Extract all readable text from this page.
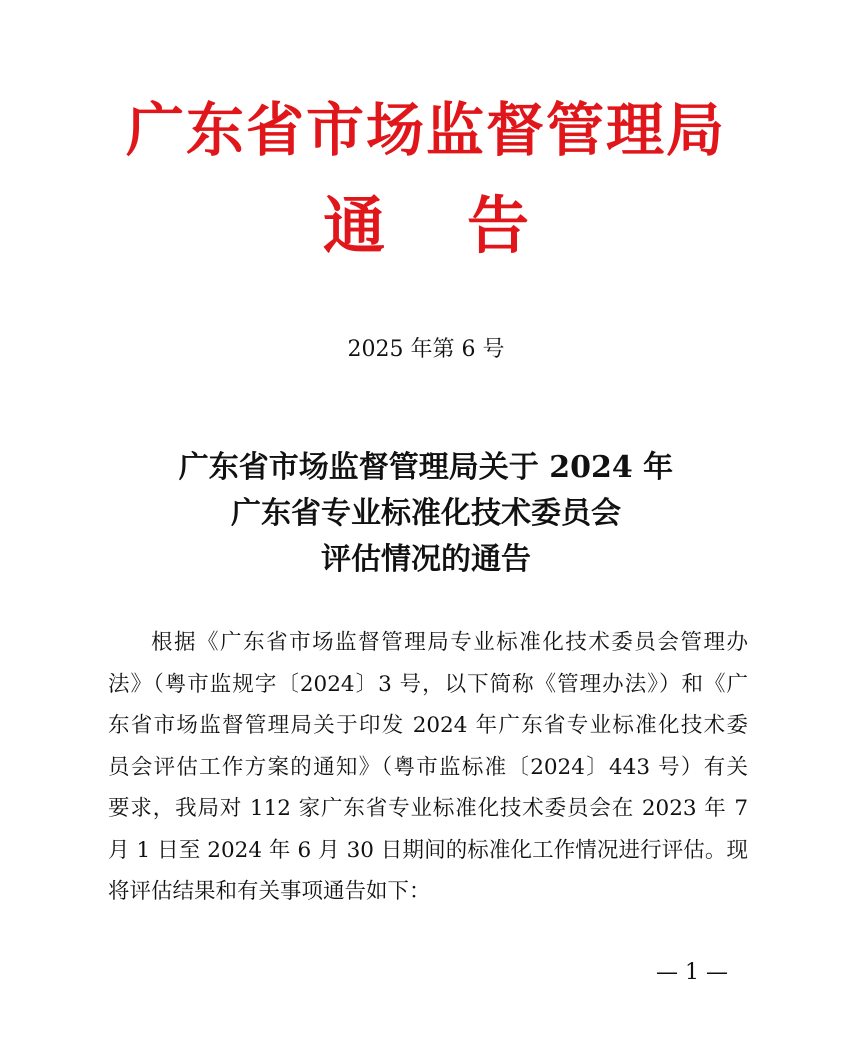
广东省市场监督管理局
通 告
2025 年第 6 号
广东省市场监督管理局关于 2024 年
广东省专业标准化技术委员会
评估情况的通告
根据《广东省市场监督管理局专业标准化技术委员会管理办
法》（粤市监规字〔2024〕3 号，以下简称《管理办法》）和《广
东省市场监督管理局关于印发 2024 年广东省专业标准化技术委
员会评估工作方案的通知》（粤市监标准〔2024〕443 号）有关
要求，我局对 112 家广东省专业标准化技术委员会在 2023 年 7
月 1 日至 2024 年 6 月 30 日期间的标准化工作情况进行评估。现
将评估结果和有关事项通告如下：
— 1 —
